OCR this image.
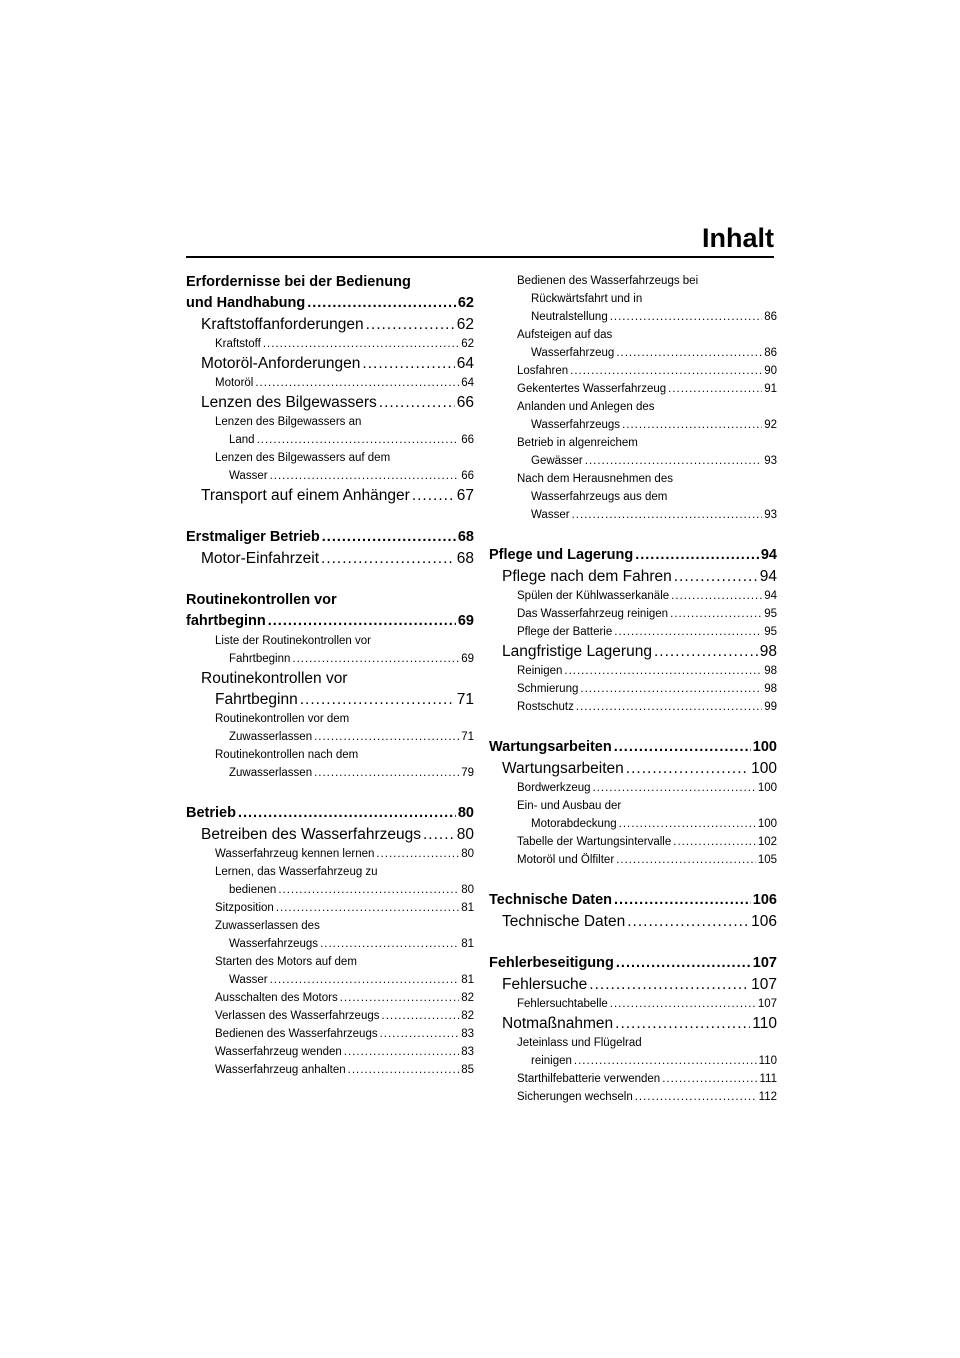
Inhalt
Erfordernisse bei der Bedienung
und Handhabung .....	62
Kraftstoffanforderungen .....	62
Kraftstoff .....	62
Motoröl-Anforderungen .....	64
Motoröl .....	64
Lenzen des Bilgewassers .....	66
Lenzen des Bilgewassers an
Land .....	66
Lenzen des Bilgewassers auf dem
Wasser .....	66
Transport auf einem Anhänger .....	67
Erstmaliger Betrieb .....	68
Motor-Einfahrzeit .....	68
Routinekontrollen vor
fahrtbeginn .....	69
Liste der Routinekontrollen vor
Fahrtbeginn .....	69
Routinekontrollen vor
Fahrtbeginn .....	71
Routinekontrollen vor dem
Zuwasserlassen .....	71
Routinekontrollen nach dem
Zuwasserlassen .....	79
Betrieb .....	80
Betreiben des Wasserfahrzeugs ..... 80
Wasserfahrzeug kennen lernen .....	80
Lernen, das Wasserfahrzeug zu
bedienen .....	80
Sitzposition .....	81
Zuwasserlassen des
Wasserfahrzeugs .....	81
Starten des Motors auf dem
Wasser .....	81
Ausschalten des Motors .....	82
Verlassen des Wasserfahrzeugs .....	82
Bedienen des Wasserfahrzeugs .....	83
Wasserfahrzeug wenden .....	83
Wasserfahrzeug anhalten .....	85
Bedienen des Wasserfahrzeugs bei
Rückwärtsfahrt und in
Neutralstellung .....	86
Aufsteigen auf das
Wasserfahrzeug .....	86
Losfahren .....	90
Gekentertes Wasserfahrzeug .....	91
Anlanden und Anlegen des
Wasserfahrzeugs .....	92
Betrieb in algenreichem
Gewässer .....	93
Nach dem Herausnehmen des
Wasserfahrzeugs aus dem
Wasser .....	93
Pflege und Lagerung .....	94
Pflege nach dem Fahren .....	94
Spülen der Kühlwasserkanäle .....	94
Das Wasserfahrzeug reinigen .....	95
Pflege der Batterie .....	95
Langfristige Lagerung .....	98
Reinigen .....	98
Schmierung .....	98
Rostschutz .....	99
Wartungsarbeiten .....	100
Wartungsarbeiten .....	100
Bordwerkzeug .....	100
Ein- und Ausbau der
Motorabdeckung .....	100
Tabelle der Wartungsintervalle .....	102
Motoröl und Ölfilter .....	105
Technische Daten .....	106
Technische Daten .....	106
Fehlerbeseitigung .....	107
Fehlersuche .....	107
Fehlersuchtabelle .....	107
Notmaßnahmen .....	110
Jeteinlass und Flügelrad
reinigen .....	110
Starthilfebatterie verwenden .....	111
Sicherungen wechseln .....	112
